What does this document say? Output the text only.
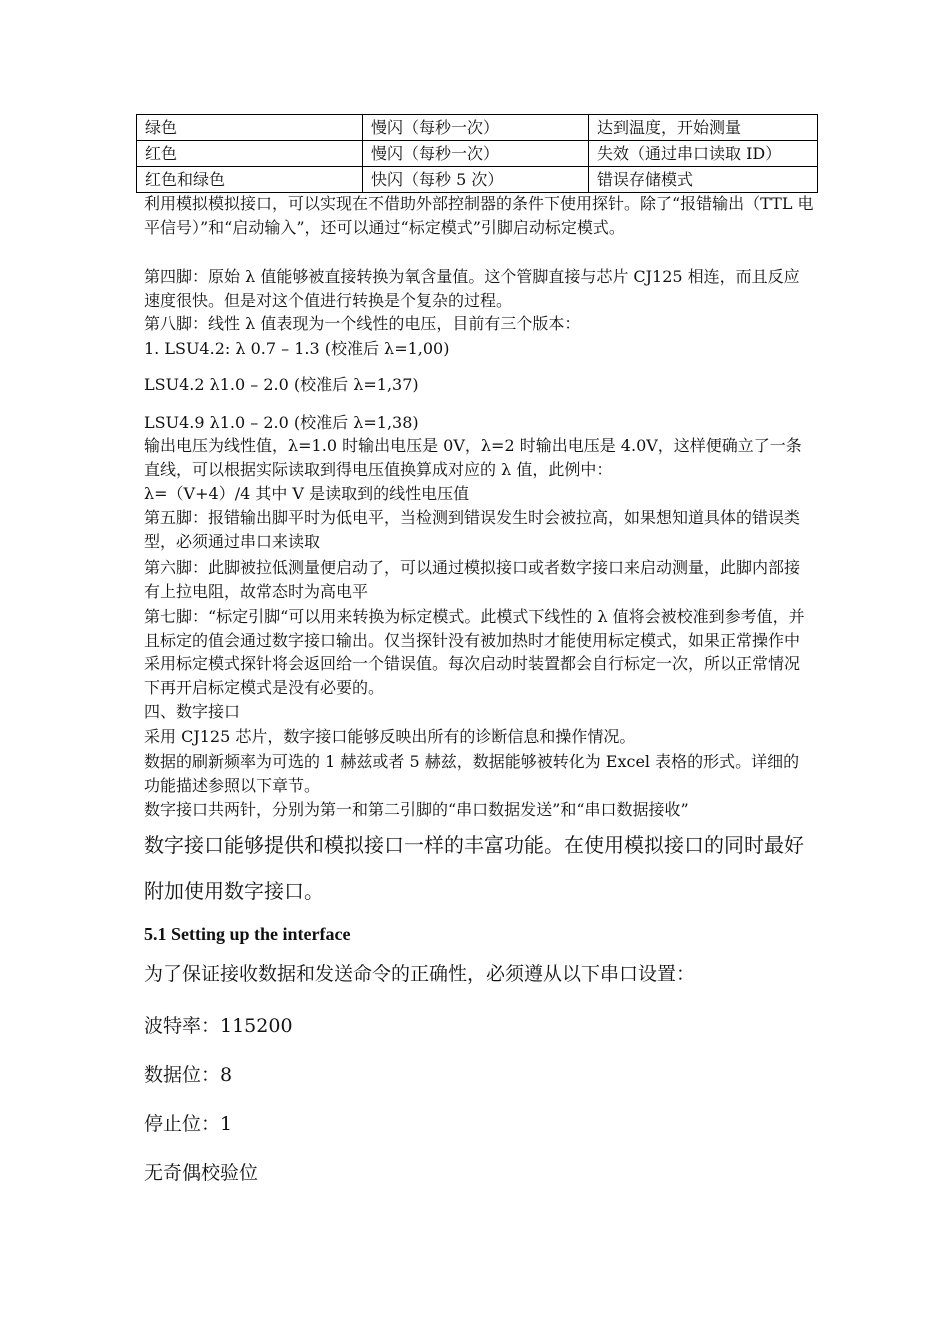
绿色	慢闪（每秒一次）	达到温度，开始测量
红色	慢闪（每秒一次）	失效（通过串口读取 ID）
红色和绿色	快闪（每秒 5 次）	错误存储模式

利用模拟模拟接口，可以实现在不借助外部控制器的条件下使用探针。除了“报错输出（TTL 电平信号）”和“启动输入”，还可以通过“标定模式”引脚启动标定模式。

第四脚：原始 λ 值能够被直接转换为氧含量值。这个管脚直接与芯片 CJ125 相连，而且反应速度很快。但是对这个值进行转换是个复杂的过程。

第八脚：线性 λ 值表现为一个线性的电压，目前有三个版本：

1. LSU4.2: λ 0.7 – 1.3 (校准后 λ=1,00)

LSU4.2 λ1.0 – 2.0 (校准后 λ=1,37)

LSU4.9 λ1.0 – 2.0 (校准后 λ=1,38)

输出电压为线性值，λ=1.0 时输出电压是 0V，λ=2 时输出电压是 4.0V，这样便确立了一条直线，可以根据实际读取到得电压值换算成对应的 λ 值，此例中：

λ=（V+4）/4 其中 V 是读取到的线性电压值

第五脚：报错输出脚平时为低电平，当检测到错误发生时会被拉高，如果想知道具体的错误类型，必须通过串口来读取

第六脚：此脚被拉低测量便启动了，可以通过模拟接口或者数字接口来启动测量，此脚内部接有上拉电阻，故常态时为高电平

第七脚：“标定引脚“可以用来转换为标定模式。此模式下线性的 λ 值将会被校准到参考值，并且标定的值会通过数字接口输出。仅当探针没有被加热时才能使用标定模式，如果正常操作中采用标定模式探针将会返回给一个错误值。每次启动时装置都会自行标定一次，所以正常情况下再开启标定模式是没有必要的。

四、数字接口

采用 CJ125 芯片，数字接口能够反映出所有的诊断信息和操作情况。

数据的刷新频率为可选的 1 赫兹或者 5 赫兹，数据能够被转化为 Excel 表格的形式。详细的功能描述参照以下章节。

数字接口共两针，分别为第一和第二引脚的“串口数据发送”和“串口数据接收”

数字接口能够提供和模拟接口一样的丰富功能。在使用模拟接口的同时最好附加使用数字接口。

5.1 Setting up the interface

为了保证接收数据和发送命令的正确性，必须遵从以下串口设置：

波特率：115200

数据位：8

停止位：1

无奇偶校验位
